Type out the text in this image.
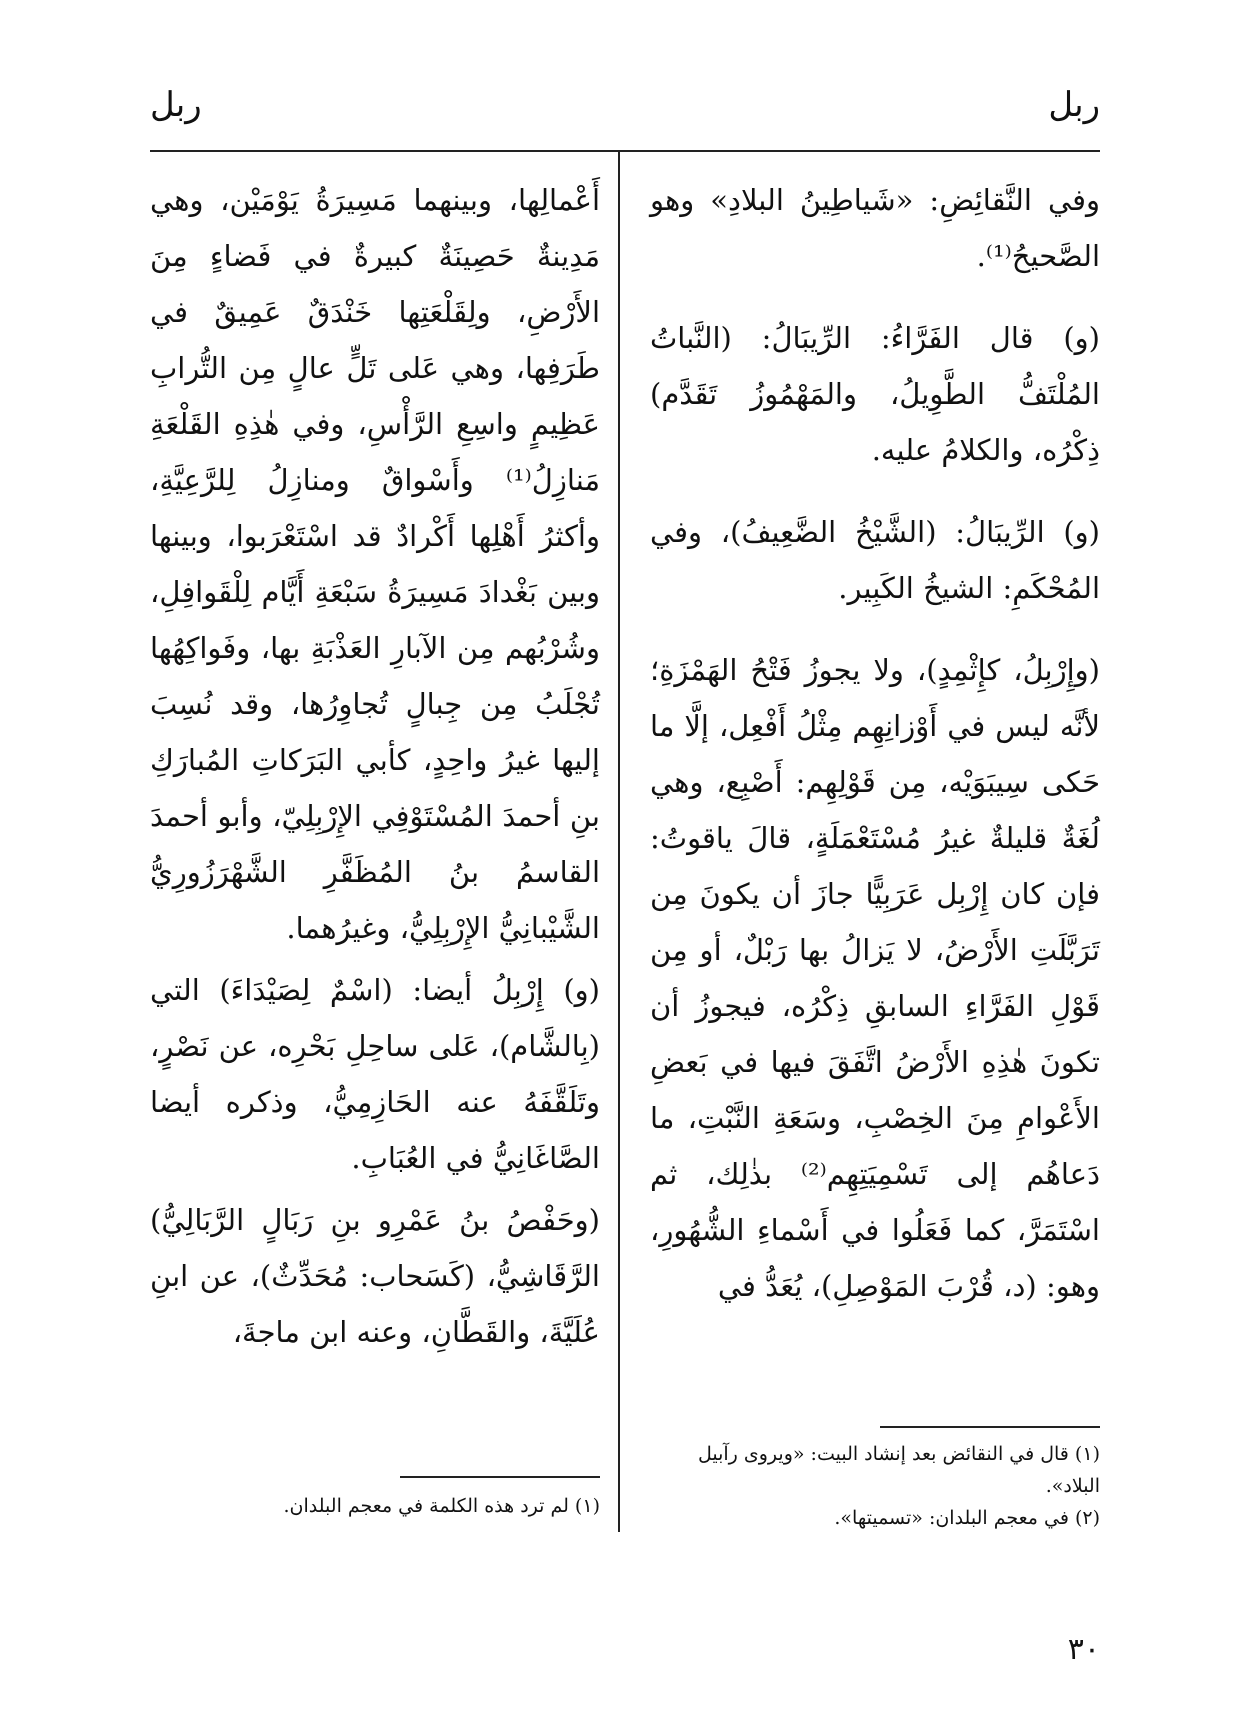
ربل
ربل

وفي النَّقائِضِ: «شَياطِينُ البلادِ» وهو الصَّحيحُ⁽¹⁾.

(و) قال الفَرَّاءُ: الرِّيبَالُ: (النَّباتُ المُلْتَفُّ الطَّوِيلُ، والمَهْمُوزُ تَقَدَّم) ذِكْرُه، والكلامُ عليه.

(و) الرِّيبَالُ: (الشَّيْخُ الضَّعِيفُ)، وفي المُحْكَمِ: الشيخُ الكَبِير.

(وإِرْبِلُ، كإِثْمِدٍ)، ولا يجوزُ فَتْحُ الهَمْزَةِ؛ لأنَّه ليس في أَوْزانِهِم مِثْلُ أَفْعِل، إلَّا ما حَكى سِيبَوَيْه، مِن قَوْلِهِم: أَصْبِع، وهي لُغَةٌ قليلةٌ غيرُ مُسْتَعْمَلَةٍ، قالَ ياقوتُ: فإن كان إِرْبِل عَرَبِيًّا جازَ أن يكونَ مِن تَرَبَّلَتِ الأَرْضُ، لا يَزالُ بها رَبْلٌ، أو مِن قَوْلِ الفَرَّاءِ السابقِ ذِكْرُه، فيجوزُ أن تكونَ هٰذِهِ الأَرْضُ اتَّفَقَ فيها في بَعضِ الأَعْوامِ مِنَ الخِصْبِ، وسَعَةِ النَّبْتِ، ما دَعاهُم إلى تَسْمِيَتِهِم⁽²⁾ بذٰلِك، ثم اسْتَمَرَّ، كما فَعَلُوا في أَسْماءِ الشُّهُورِ، وهو: (د، قُرْبَ المَوْصِلِ)، يُعَدُّ في

أَعْمالِها، وبينهما مَسِيرَةُ يَوْمَيْن، وهي مَدِينةٌ حَصِينَةٌ كبيرةٌ في فَضاءٍ مِنَ الأَرْضِ، ولِقَلْعَتِها خَنْدَقٌ عَمِيقٌ في طَرَفِها، وهي عَلى تَلٍّ عالٍ مِن التُّرابِ عَظِيمٍ واسِعِ الرَّأْسِ، وفي هٰذِهِ القَلْعَةِ مَنازِلُ⁽¹⁾ وأَسْواقٌ ومنازِلُ لِلرَّعِيَّةِ، وأكثرُ أَهْلِها أَكْرادٌ قد اسْتَعْرَبوا، وبينها وبين بَغْدادَ مَسِيرَةُ سَبْعَةِ أَيَّام لِلْقَوافِلِ، وشُرْبُهم مِن الآبارِ العَذْبَةِ بها، وفَواكِهُها تُجْلَبُ مِن جِبالٍ تُجاوِرُها، وقد نُسِبَ إليها غيرُ واحِدٍ، كأبي البَرَكاتِ المُبارَكِ بنِ أحمدَ المُسْتَوْفِي الإِرْبِلِيّ، وأبو أحمدَ القاسمُ بنُ المُظَفَّرِ الشَّهْرَزُورِيُّ الشَّيْبانِيُّ الإِرْبِلِيُّ، وغيرُهما.

(و) إِرْبِلُ أيضا: (اسْمٌ لِصَيْدَاءَ) التي (بِالشَّام)، عَلى ساحِلِ بَحْرِه، عن نَصْرٍ، وتَلَقَّفَهُ عنه الحَازِمِيُّ، وذكره أيضا الصَّاغَانِيُّ في العُبَابِ.

(وحَفْصُ بنُ عَمْرِو بنِ رَبَالٍ الرَّبَالِيُّ) الرَّقَاشِيُّ، (كَسَحاب: مُحَدِّثٌ)، عن ابنِ عُلَيَّةَ، والقَطَّانِ، وعنه ابن ماجةَ،

(١) قال في النقائض بعد إنشاد البيت: «ويروى رآبيل البلاد».
(٢) في معجم البلدان: «تسميتها».
(١) لم ترد هذه الكلمة في معجم البلدان.
٣٠
